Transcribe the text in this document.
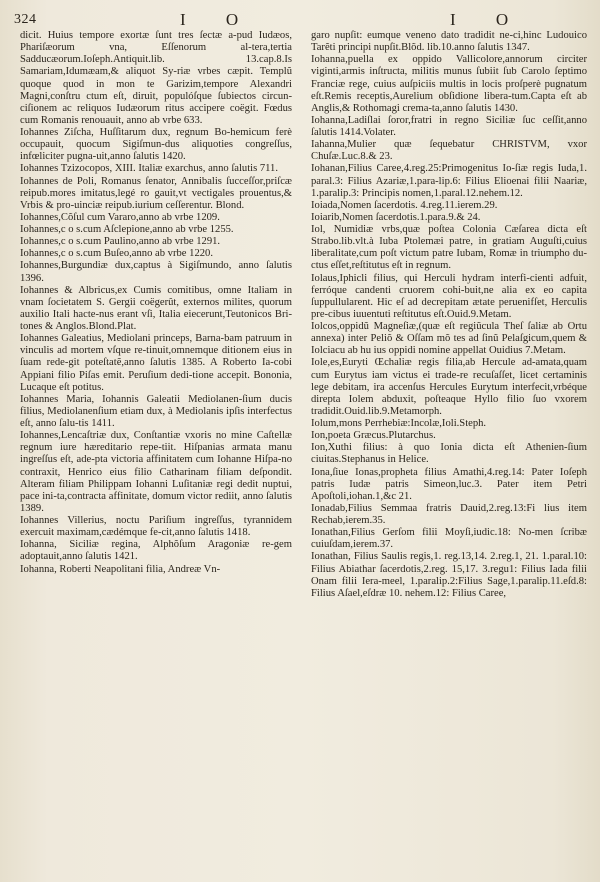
324	I O	I O

dicit. Huius tempore exortæ ſunt tres ſectæ a-pud Iudæos, Phariſæorum vna, Eſſenorum al-tera,tertia Sadducæorum.Ioſeph.Antiquit.lib. 13.cap.8.Is Samariam,Idumæam,& aliquot Sy-riæ vrbes cæpit. Templũ quoque quod in mon te Garizim,tempore Alexandri Magni,conſtru ctum eſt, diruit, populóſque ſubiectos circun-ciſionem ac reliquos Iudæorum ritus accipere coëgit. Fœdus cum Romanis renouauit, anno ab vrbe 633.

Iohannes Ziſcha, Huſſitarum dux, regnum Bo-hemicum ferè occupauit, quocum Sigiſmun-dus aliquoties congreſſus, infœliciter pugna-uit,anno ſalutis 1420.

Iohannes Tzizocopos, XIII. Italiæ exarchus, anno ſalutis 711.

Iohannes de Poli, Romanus ſenator, Annibalis ſucceſſor,priſcæ reipub.mores imitatus,legé ro gauit,vt vectigales prouentus,& Vrbis & pro-uinciæ reipub.iurium ceſſerentur. Blond.

Iohannes,Cõſul cum Vararo,anno ab vrbe 1209.

Iohannes,c o s.cum Aſclepione,anno ab vrbe 1255.

Iohannes,c o s.cum Paulino,anno ab vrbe 1291.

Iohannes,c o s.cum Buſeo,anno ab vrbe 1220.

Iohannes,Burgundiæ dux,captus à Sigiſmundo, anno ſalutis 1396.

Iohannes & Albricus,ex Cumis comitibus, omne Italiam in vnam ſocietatem S. Gergii coëgerût, externos milites, quorum auxilio Itali hacte-nus erant vſi, Italia eiecerunt,Teutonicos Bri-tones & Anglos.Blond.Plat.

Iohannes Galeatius, Mediolani princeps, Barna-bam patruum in vinculis ad mortem vſque re-tinuit,omnemque ditionem eius in ſuam rede-git poteſtatẽ,anno ſalutis 1385. A Roberto Ia-cobi Appiani filio Piſas emit. Peruſium dedi-tione accepit. Bononia, Lucaque eſt potitus.

Iohannes Maria, Iohannis Galeatii Mediolanen-ſium ducis filius, Mediolanenſium etiam dux, à Mediolanis ipſis interfectus eſt, anno ſalu-tis 1411.

Iohannes,Lencaſtriæ dux, Conſtantiæ vxoris no mine Caſtellæ regnum iure hæreditario repe-tiit. Hiſpanias armata manu ingreſſus eſt, ade-pta victoria affinitatem cum Iohanne Hiſpa-no contraxit, Henrico eius filio Catharinam filiam deſpondit. Alteram filiam Philippam Iohanni Luſitaniæ regi dedit nuptui, pace ini-ta,contracta affinitate, domum victor rediit, anno ſalutis 1389.

Iohannes Villerius, noctu Pariſium ingreſſus, tyrannidem exercuit maximam,cædémque fe-cit,anno ſalutis 1418.

Iohanna, Siciliæ regina, Alphõſum Aragoniæ re-gem adoptauit,anno ſalutis 1421.

Iohanna, Roberti Neapolitani filia, Andreæ Vn-

garo nupſit: eumque veneno dato tradidit ne-ci,hinc Ludouico Tarẽti principi nupſit.Blõd. lib.10.anno ſalutis 1347.

Iohanna,puella ex oppido Vallicolore,annorum circiter viginti,armis inſtructa, militis munus ſubiit ſub Carolo ſeptimo Franciæ rege, cuius auſpiciis multis in locis proſperè pugnatum eſt.Remis receptis,Aurelium obſidione libera-tum.Capta eſt ab Anglis,& Rothomagi crema-ta,anno ſalutis 1430.

Iohanna,Ladiſlai ſoror,fratri in regno Siciliæ ſuc ceſſit,anno ſalutis 1414.Volater.

Iahanna,Mulier quæ ſequebatur CHRISTVM, vxor Chuſæ.Luc.8.& 23.

Iohanan,Filius Caree,4.reg.25:Primogenitus Io-ſiæ regis Iuda,1. paral.3: Filius Azariæ,1.para-lip.6: Filius Elioenai filii Naariæ, 1.paralip.3: Principis nomen,1.paral.12.nehem.12.

Ioiada,Nomen ſacerdotis. 4.reg.11.ierem.29.

Ioiarib,Nomen ſacerdotis.1.para.9.& 24.

Iol, Numidiæ vrbs,quæ poſtea Colonia Cæſarea dicta eſt Strabo.lib.vlt.à Iuba Ptolemæi patre, in gratiam Auguſti,cuius liberalitate,cum poſt victum patre Iubam, Romæ in triumpho du-ctus eſſet,reſtitutus eſt in regnum.

Iolaus,Iphicli filius, qui Herculi hydram interfi-cienti adfuit, ferróque candenti cruorem cohi-buit,ne alia ex eo capita ſuppullularent. Hic eſ ad decrepitam ætate peruenifſet, Herculis pre-cibus iuuentuti reſtitutus eſt.Ouid.9.Metam.

Iolcos,oppidũ Magneſiæ,(quæ eſt regiũcula Theſ ſaliæ ab Ortu annexa) inter Peliõ & Oſſam mõ tes ad ſinũ Pelaſgicum,quem & Iolciacu ab hu ius oppidi nomine appellat Ouidius 7.Metam.

Iole,es,Euryti Œchaliæ regis filia,ab Hercule ad-amata,quam cum Eurytus iam victus ei trade-re recuſaſſet, licet certaminis lege debitam, ira accenſus Hercules Eurytum interfecit,vrbéque direpta Iolem abduxit, poſteaque Hyllo filio ſuo vxorem tradidit.Ouid.lib.9.Metamorph.

Iolum,mons Perrhebiæ:Incolæ,Ioli.Steph.

Ion,poeta Græcus.Plutarchus.

Ion,Xuthi filius: à quo Ionia dicta eſt Athenien-ſium ciuitas.Stephanus in Helice.

Iona,ſiue Ionas,propheta filius Amathi,4.reg.14: Pater Ioſeph patris Iudæ patris Simeon,luc.3. Pater item Petri Apoſtoli,iohan.1,&c 21.

Ionadab,Filius Semmaa fratris Dauid,2.reg.13:Fi lius item Rechab,ierem.35.

Ionathan,Filius Gerſom filii Moyſi,iudic.18: No-men ſcribæ cuiuſdam,ierem.37.

Ionathan, Filius Saulis regis,1. reg.13,14. 2.reg.1, 21. 1.paral.10: Filius Abiathar ſacerdotis,2.reg. 15,17. 3.regu1: Filius Iada filii Onam filii Iera-meel, 1.paralip.2:Filius Sage,1.paralip.11.eſd.8: Filius Aſael,eſdræ 10. nehem.12: Filius Caree,
